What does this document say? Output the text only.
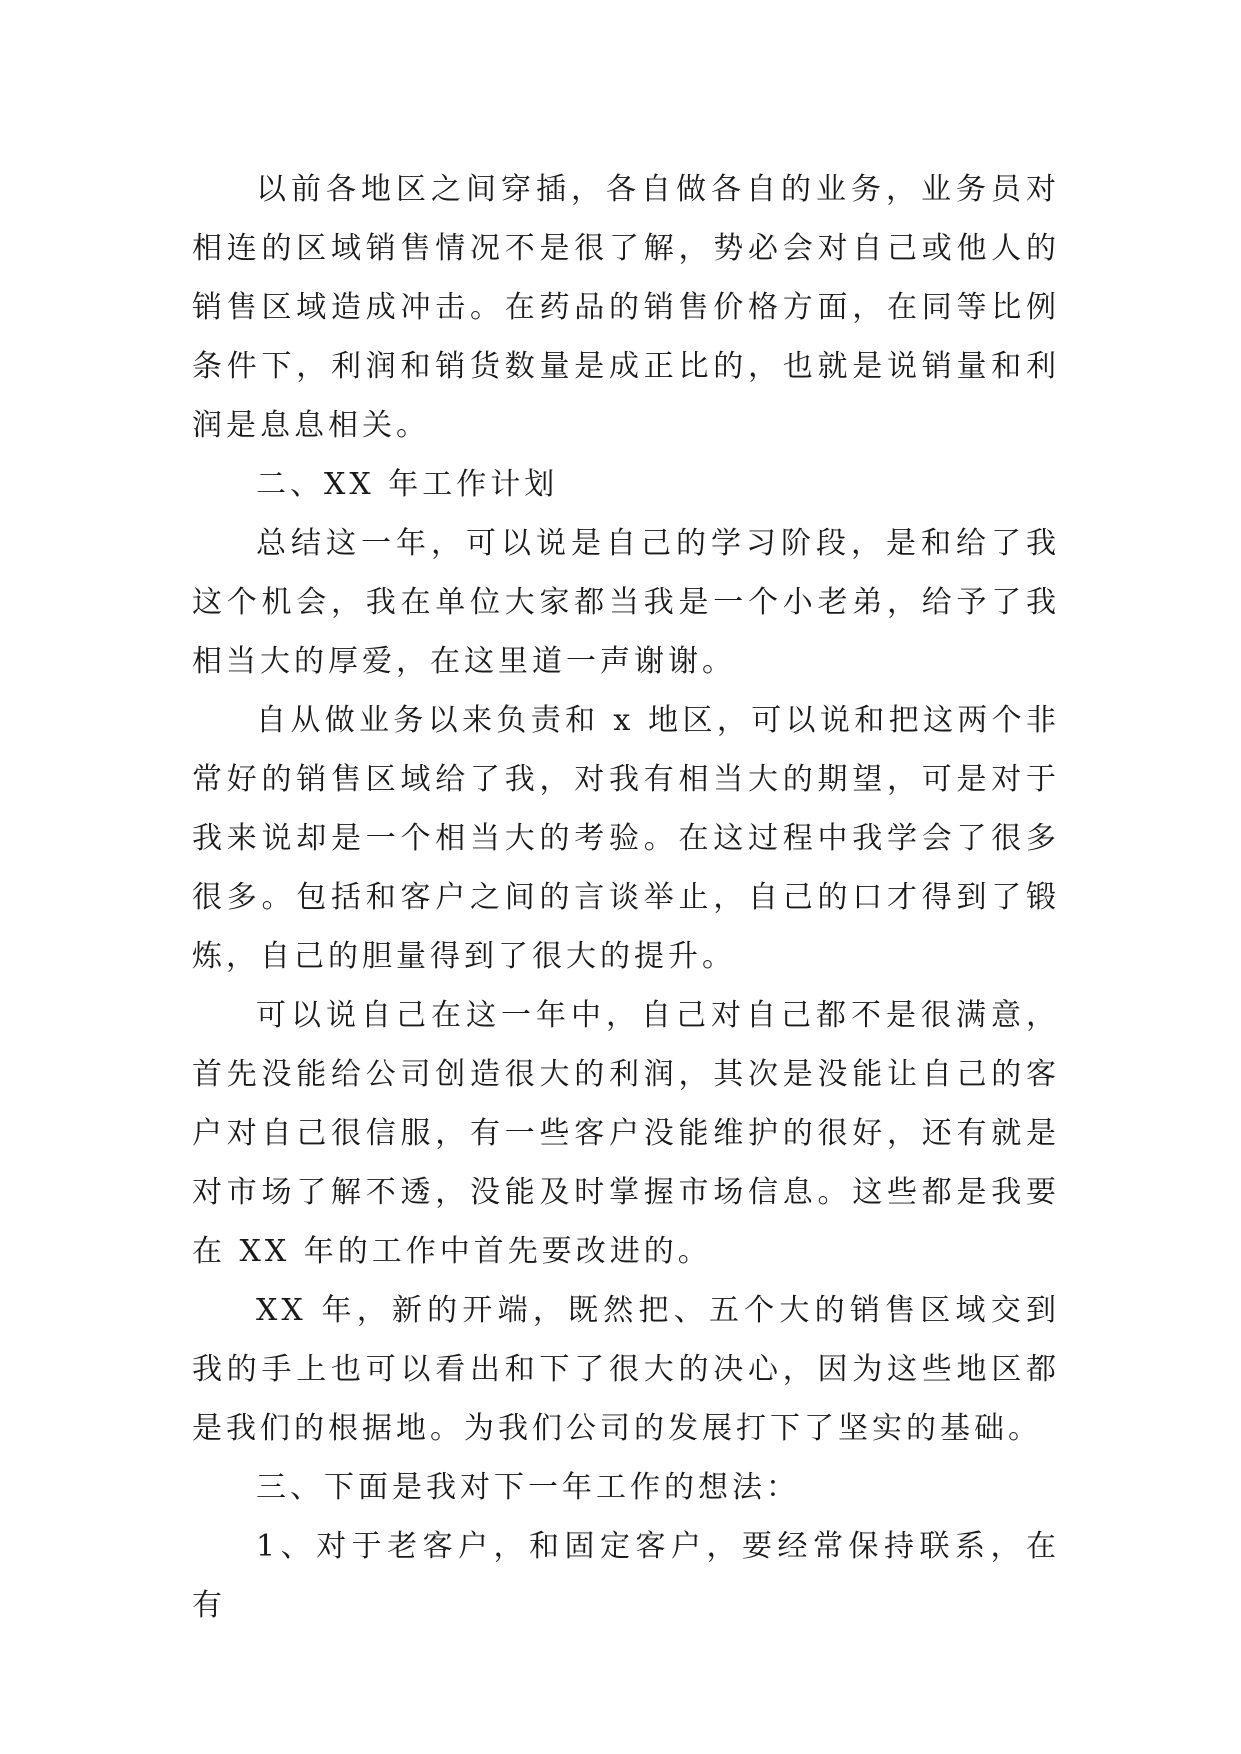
以前各地区之间穿插，各自做各自的业务，业务员对相连的区域销售情况不是很了解，势必会对自己或他人的销售区域造成冲击。在药品的销售价格方面，在同等比例条件下，利润和销货数量是成正比的，也就是说销量和利润是息息相关。

二、XX 年工作计划

总结这一年，可以说是自己的学习阶段，是和给了我这个机会，我在单位大家都当我是一个小老弟，给予了我相当大的厚爱，在这里道一声谢谢。

自从做业务以来负责和 x 地区，可以说和把这两个非常好的销售区域给了我，对我有相当大的期望，可是对于我来说却是一个相当大的考验。在这过程中我学会了很多很多。包括和客户之间的言谈举止，自己的口才得到了锻炼，自己的胆量得到了很大的提升。

可以说自己在这一年中，自己对自己都不是很满意，首先没能给公司创造很大的利润，其次是没能让自己的客户对自己很信服，有一些客户没能维护的很好，还有就是对市场了解不透，没能及时掌握市场信息。这些都是我要在 XX 年的工作中首先要改进的。

XX 年，新的开端，既然把、五个大的销售区域交到我的手上也可以看出和下了很大的决心，因为这些地区都是我们的根据地。为我们公司的发展打下了坚实的基础。

三、下面是我对下一年工作的想法：

1、对于老客户，和固定客户，要经常保持联系，在有
